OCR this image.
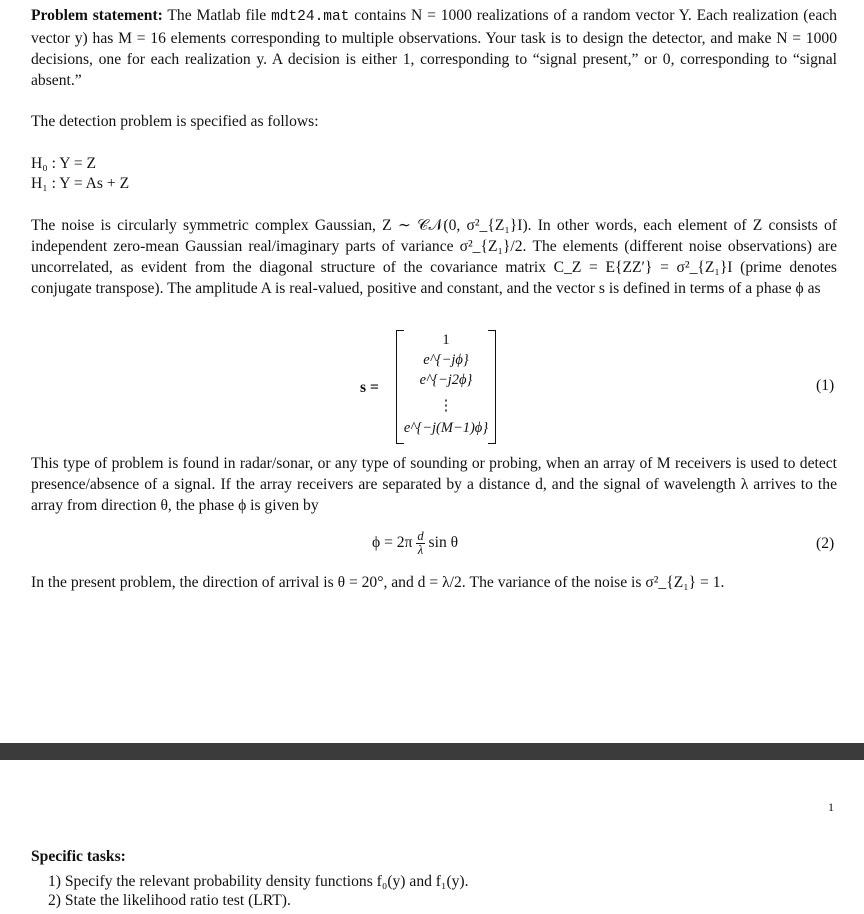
Problem statement: The Matlab file mdt24.mat contains N = 1000 realizations of a random vector Y. Each realization (each vector y) has M = 16 elements corresponding to multiple observations. Your task is to design the detector, and make N = 1000 decisions, one for each realization y. A decision is either 1, corresponding to “signal present,” or 0, corresponding to “signal absent.”
The detection problem is specified as follows:
H₀ : Y = Z
H₁ : Y = As + Z
The noise is circularly symmetric complex Gaussian, Z ∼ 𝒞𝒩(0, σ²_{Z₁}I). In other words, each element of Z consists of independent zero-mean Gaussian real/imaginary parts of variance σ²_{Z₁}/2. The elements (different noise observations) are uncorrelated, as evident from the diagonal structure of the covariance matrix C_Z = E{ZZ′} = σ²_{Z₁}I (prime denotes conjugate transpose). The amplitude A is real-valued, positive and constant, and the vector s is defined in terms of a phase ϕ as
s =
1
e^{−jϕ}
e^{−j2ϕ}
⋮
e^{−j(M−1)ϕ}
(1)
This type of problem is found in radar/sonar, or any type of sounding or probing, when an array of M receivers is used to detect presence/absence of a signal. If the array receivers are separated by a distance d, and the signal of wavelength λ arrives to the array from direction θ, the phase ϕ is given by
$\phi = 2\pi \frac{d}{\lambda}$ sin θ	(2)
In the present problem, the direction of arrival is θ = 20°, and d = λ/2. The variance of the noise is σ²_{Z₁} = 1.
1
Specific tasks:
1) Specify the relevant probability density functions f₀(y) and f₁(y).
2) State the likelihood ratio test (LRT).
